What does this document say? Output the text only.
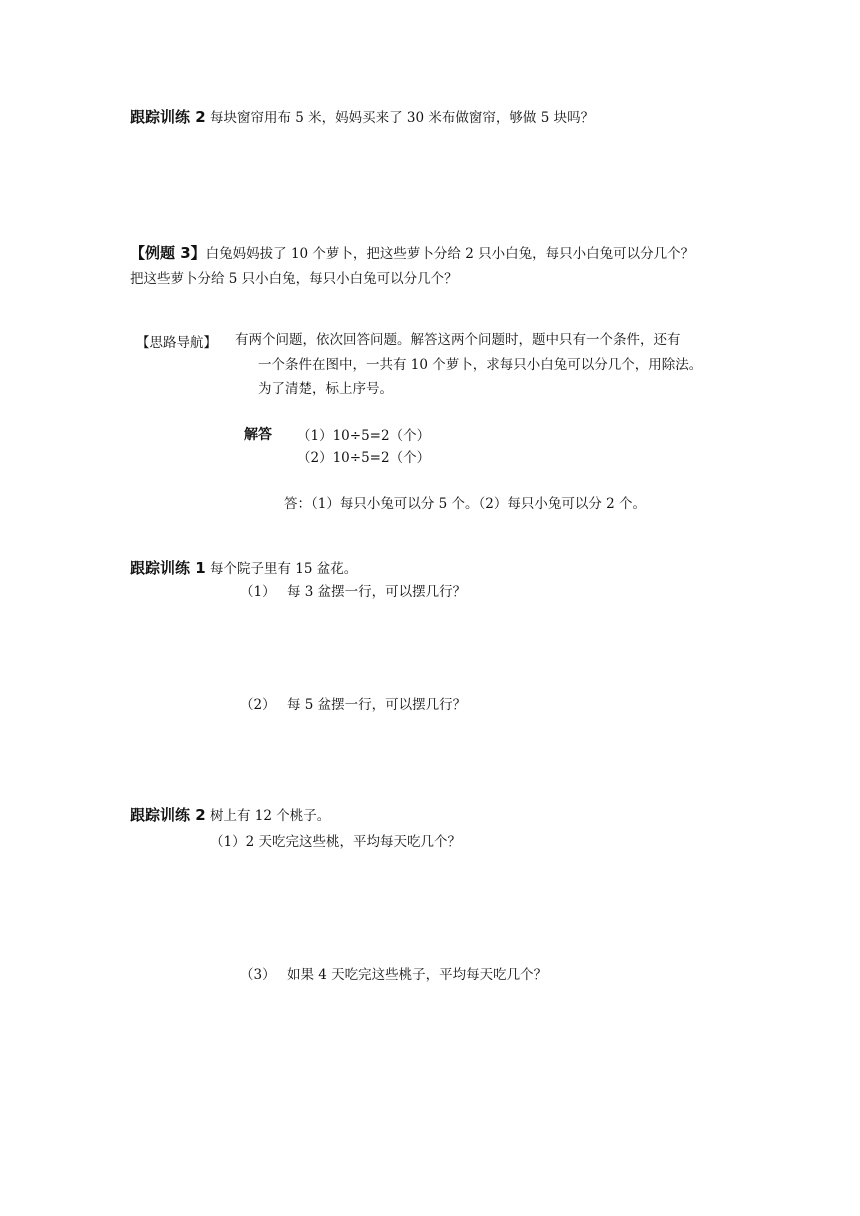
跟踪训练 2 每块窗帘用布 5 米，妈妈买来了 30 米布做窗帘，够做 5 块吗？
【例题 3】白兔妈妈拔了 10 个萝卜，把这些萝卜分给 2 只小白兔，每只小白兔可以分几个？
把这些萝卜分给 5 只小白兔，每只小白兔可以分几个？
【思路导航】 有两个问题，依次回答问题。解答这两个问题时，题中只有一个条件，还有
一个条件在图中，一共有 10 个萝卜，求每只小白兔可以分几个，用除法。
为了清楚，标上序号。
解答 （1）10÷5=2（个）
（2）10÷5=2（个）
答：（1）每只小兔可以分 5 个。（2）每只小兔可以分 2 个。
跟踪训练 1 每个院子里有 15 盆花。
（1） 每 3 盆摆一行，可以摆几行？
（2） 每 5 盆摆一行，可以摆几行？
跟踪训练 2 树上有 12 个桃子。
（1）2 天吃完这些桃，平均每天吃几个？
（3） 如果 4 天吃完这些桃子，平均每天吃几个？
